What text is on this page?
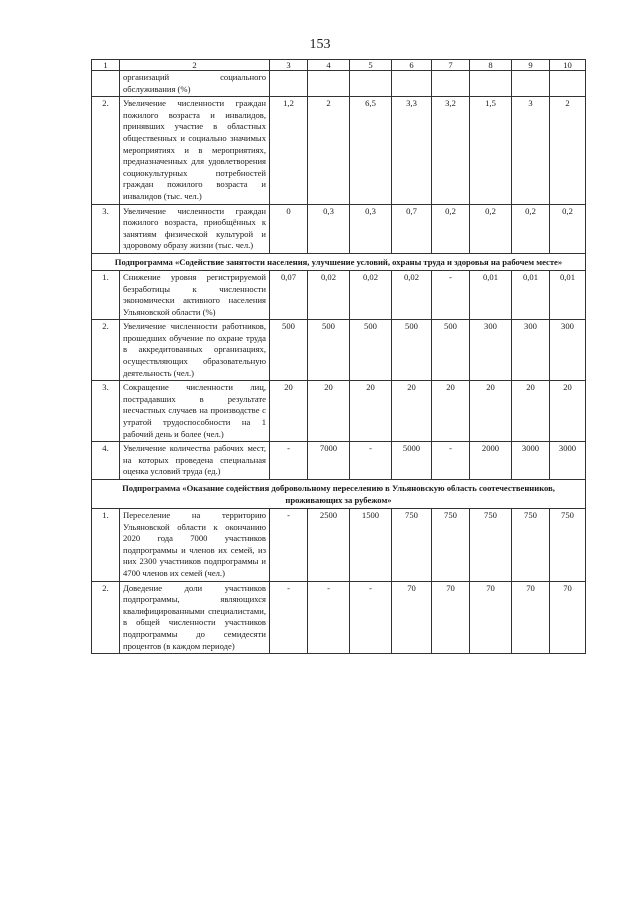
153
1	2	3	4	5	6	7	8	9	10
	организаций социального обслуживания (%)								
2.	Увеличение численности граждан пожилого возраста и инвалидов, принявших участие в областных общественных и социально значимых мероприятиях и в мероприятиях, предназначенных для удовлетворения социокультурных потребностей граждан пожилого возраста и инвалидов (тыс. чел.)	1,2	2	6,5	3,3	3,2	1,5	3	2
3.	Увеличение численности граждан пожилого возраста, приобщённых к занятиям физической культурой и здоровому образу жизни (тыс. чел.)	0	0,3	0,3	0,7	0,2	0,2	0,2	0,2
Подпрограмма «Содействие занятости населения, улучшение условий, охраны труда и здоровья на рабочем месте»									
1.	Снижение уровня регистрируемой безработицы к численности экономически активного населения Ульяновской области (%)	0,07	0,02	0,02	0,02	-	0,01	0,01	0,01
2.	Увеличение численности работников, прошедших обучение по охране труда в аккредитованных организациях, осуществляющих образовательную деятельность (чел.)	500	500	500	500	500	300	300	300
3.	Сокращение численности лиц, пострадавших в результате несчастных случаев на производстве с утратой трудоспособности на 1 рабочий день и более (чел.)	20	20	20	20	20	20	20	20
4.	Увеличение количества рабочих мест, на которых проведена специальная оценка условий труда (ед.)	-	7000	-	5000	-	2000	3000	3000
Подпрограмма «Оказание содействия добровольному переселению в Ульяновскую область соотечественников, проживающих за рубежом»									
1.	Переселение на территорию Ульяновской области к окончанию 2020 года 7000 участников подпрограммы и членов их семей, из них 2300 участников подпрограммы и 4700 членов их семей (чел.)	-	2500	1500	750	750	750	750	750
2.	Доведение доли участников подпрограммы, являющихся квалифицированными специалистами, в общей численности участников подпрограммы до семидесяти процентов (в каждом периоде)	-	-	-	70	70	70	70	70
